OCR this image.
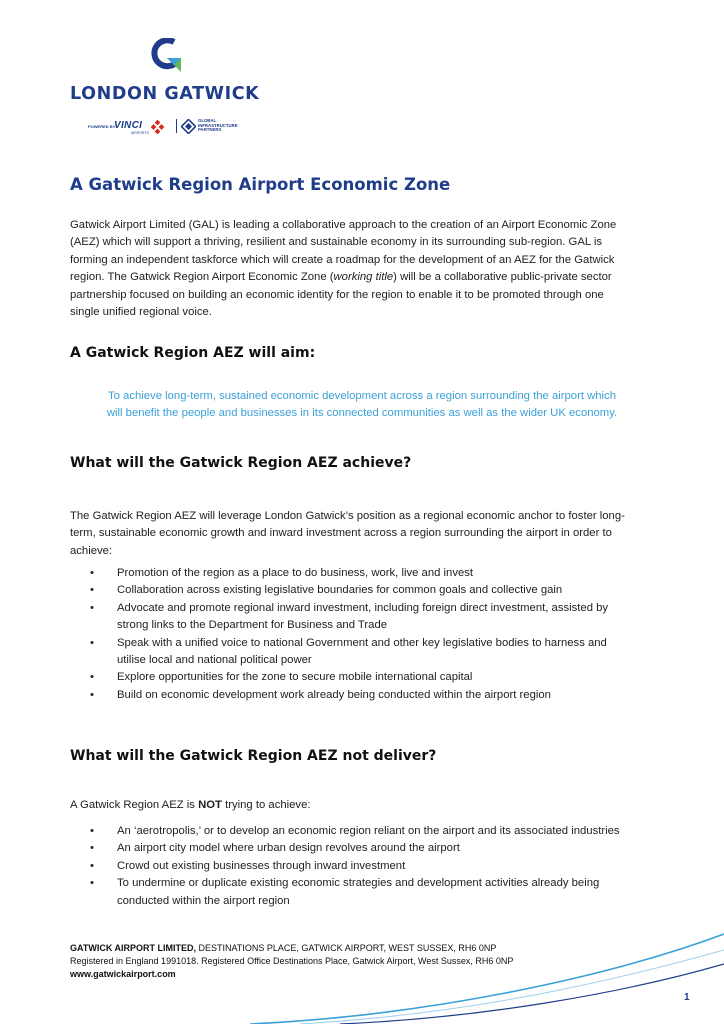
LONDON GATWICK
POWERED BY
VINCI
AIRPORTS
GLOBAL
INFRASTRUCTURE
PARTNERS
A Gatwick Region Airport Economic Zone

Gatwick Airport Limited (GAL) is leading a collaborative approach to the creation of an Airport Economic Zone

(AEZ) which will support a thriving, resilient and sustainable economy in its surrounding sub-region. GAL is

forming an independent taskforce which will create a roadmap for the development of an AEZ for the Gatwick

region. The Gatwick Region Airport Economic Zone (working title) will be a collaborative public-private sector

partnership focused on building an economic identity for the region to enable it to be promoted through one

single unified regional voice.

A Gatwick Region AEZ will aim:

To achieve long-term, sustained economic development across a region surrounding the airport which

will benefit the people and businesses in its connected communities as well as the wider UK economy.

What will the Gatwick Region AEZ achieve?

The Gatwick Region AEZ will leverage London Gatwick’s position as a regional economic anchor to foster long-

term, sustainable economic growth and inward investment across a region surrounding the airport in order to

achieve:

• Promotion of the region as a place to do business, work, live and invest
• Collaboration across existing legislative boundaries for common goals and collective gain
• Advocate and promote regional inward investment, including foreign direct investment, assisted by
strong links to the Department for Business and Trade
• Speak with a unified voice to national Government and other key legislative bodies to harness and
utilise local and national political power
• Explore opportunities for the zone to secure mobile international capital
• Build on economic development work already being conducted within the airport region
What will the Gatwick Region AEZ not deliver?

A Gatwick Region AEZ is NOT trying to achieve:

• An ‘aerotropolis,’ or to develop an economic region reliant on the airport and its associated industries
• An airport city model where urban design revolves around the airport
• Crowd out existing businesses through inward investment
• To undermine or duplicate existing economic strategies and development activities already being
conducted within the airport region
GATWICK AIRPORT LIMITED, DESTINATIONS PLACE, GATWICK AIRPORT, WEST SUSSEX, RH6 0NP
Registered in England 1991018. Registered Office Destinations Place, Gatwick Airport, West Sussex, RH6 0NP
www.gatwickairport.com
1
